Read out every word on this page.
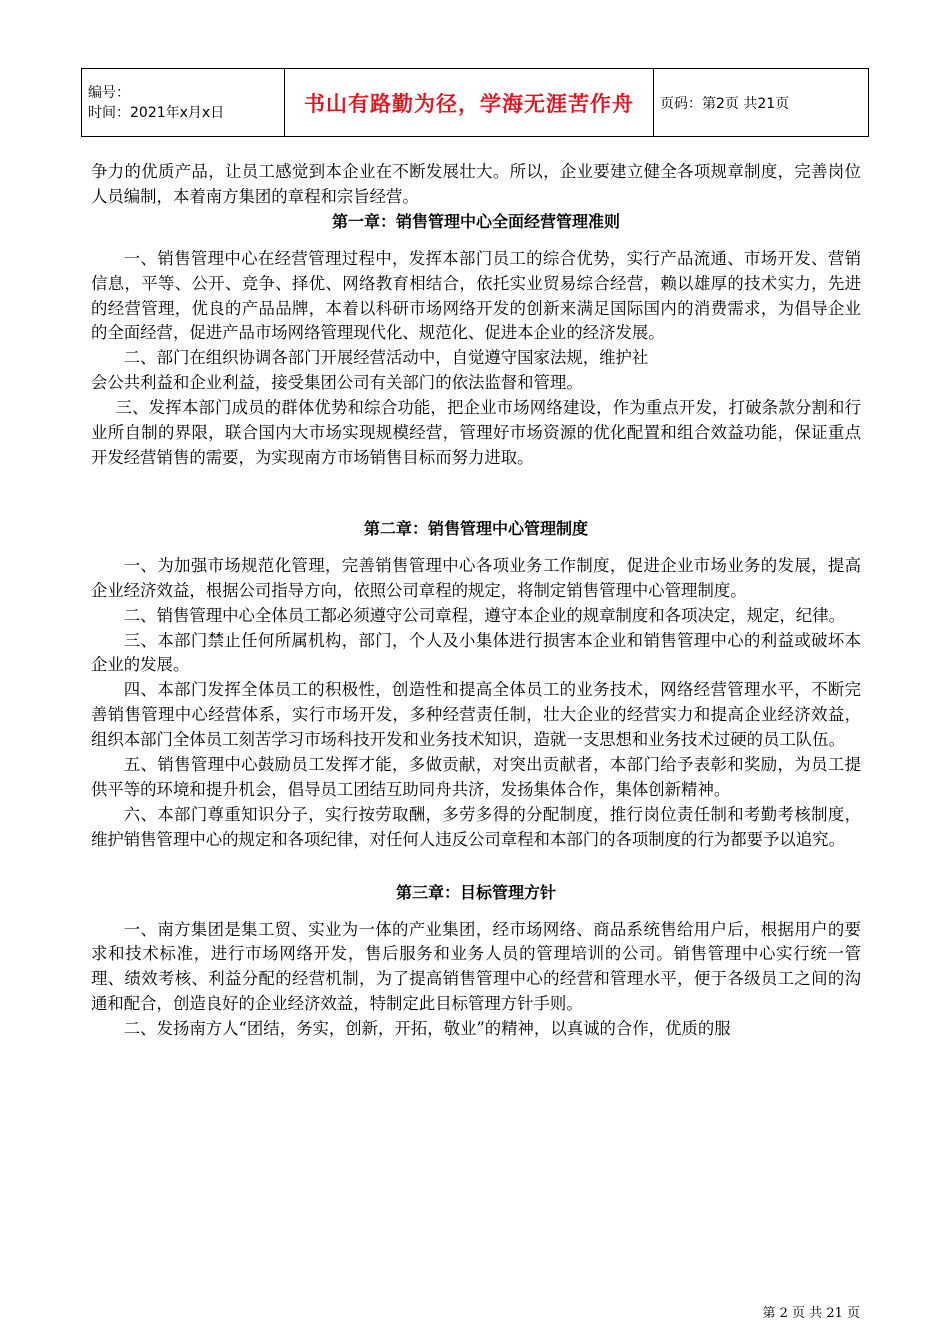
编号：
时间：2021年x月x日	书山有路勤为径，学海无涯苦作舟	页码：第2页 共21页

争力的优质产品，让员工感觉到本企业在不断发展壮大。所以，企业要建立健全各项规章制度，完善岗位人员编制，本着南方集团的章程和宗旨经营。

第一章：销售管理中心全面经营管理准则

一、销售管理中心在经营管理过程中，发挥本部门员工的综合优势，实行产品流通、市场开发、营销信息，平等、公开、竞争、择优、网络教育相结合，依托实业贸易综合经营，赖以雄厚的技术实力，先进的经营管理，优良的产品品牌，本着以科研市场网络开发的创新来满足国际国内的消费需求，为倡导企业的全面经营，促进产品市场网络管理现代化、规范化、促进本企业的经济发展。

二、部门在组织协调各部门开展经营活动中，自觉遵守国家法规，维护社

会公共利益和企业利益，接受集团公司有关部门的依法监督和管理。

三、发挥本部门成员的群体优势和综合功能，把企业市场网络建设，作为重点开发，打破条款分割和行业所自制的界限，联合国内大市场实现规模经营，管理好市场资源的优化配置和组合效益功能，保证重点开发经营销售的需要，为实现南方市场销售目标而努力进取。

第二章：销售管理中心管理制度

一、为加强市场规范化管理，完善销售管理中心各项业务工作制度，促进企业市场业务的发展，提高企业经济效益，根据公司指导方向，依照公司章程的规定，将制定销售管理中心管理制度。

二、销售管理中心全体员工都必须遵守公司章程，遵守本企业的规章制度和各项决定，规定，纪律。

三、本部门禁止任何所属机构，部门，个人及小集体进行损害本企业和销售管理中心的利益或破坏本企业的发展。

四、本部门发挥全体员工的积极性，创造性和提高全体员工的业务技术，网络经营管理水平，不断完善销售管理中心经营体系，实行市场开发，多种经营责任制，壮大企业的经营实力和提高企业经济效益，组织本部门全体员工刻苦学习市场科技开发和业务技术知识，造就一支思想和业务技术过硬的员工队伍。

五、销售管理中心鼓励员工发挥才能，多做贡献，对突出贡献者，本部门给予表彰和奖励，为员工提供平等的环境和提升机会，倡导员工团结互助同舟共济，发扬集体合作，集体创新精神。

六、本部门尊重知识分子，实行按劳取酬，多劳多得的分配制度，推行岗位责任制和考勤考核制度，维护销售管理中心的规定和各项纪律，对任何人违反公司章程和本部门的各项制度的行为都要予以追究。

第三章：目标管理方针

一、南方集团是集工贸、实业为一体的产业集团，经市场网络、商品系统售给用户后，根据用户的要求和技术标准，进行市场网络开发，售后服务和业务人员的管理培训的公司。销售管理中心实行统一管理、绩效考核、利益分配的经营机制，为了提高销售管理中心的经营和管理水平，便于各级员工之间的沟通和配合，创造良好的企业经济效益，特制定此目标管理方针手则。

二、发扬南方人“团结，务实，创新，开拓，敬业”的精神，以真诚的合作，优质的服

第 2 页 共 21 页
